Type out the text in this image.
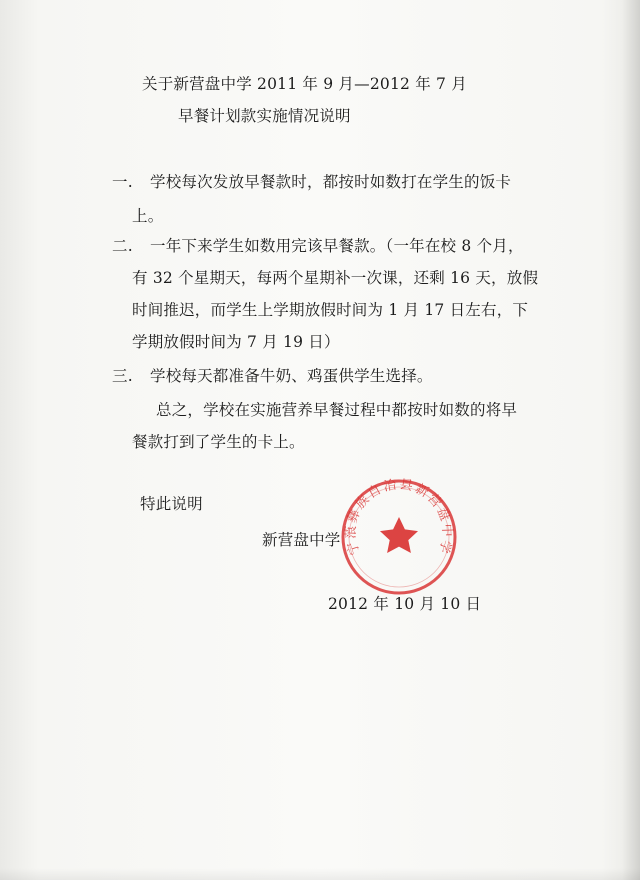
关于新营盘中学 2011 年 9 月—2012 年 7 月
早餐计划款实施情况说明
一. 学校每次发放早餐款时，都按时如数打在学生的饭卡
上。
二. 一年下来学生如数用完该早餐款。（一年在校 8 个月，
有 32 个星期天，每两个星期补一次课，还剩 16 天，放假
时间推迟，而学生上学期放假时间为 1 月 17 日左右，下
学期放假时间为 7 月 19 日）
三. 学校每天都准备牛奶、鸡蛋供学生选择。
总之，学校在实施营养早餐过程中都按时如数的将早
餐款打到了学生的卡上。
特此说明
新营盘中学
2012 年 10 月 10 日
宁蒗彝族自治县新营盘中学
